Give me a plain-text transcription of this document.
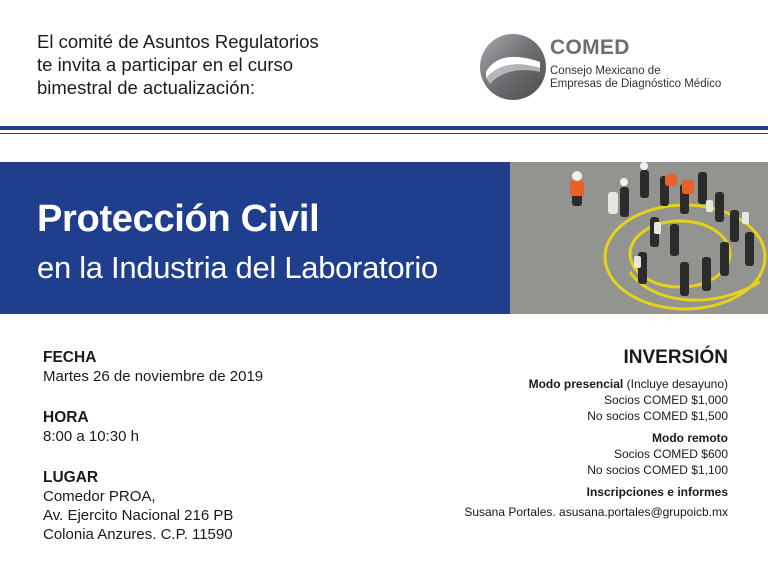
El comité de Asuntos Regulatorios
te invita a participar en el curso
bimestral de actualización:
COMED
Consejo Mexicano de
Empresas de Diagnóstico Médico
Protección Civil
en la Industria del Laboratorio
FECHA
Martes 26 de noviembre de 2019
HORA
8:00 a 10:30 h
LUGAR
Comedor PROA,
Av. Ejercito Nacional 216 PB
Colonia Anzures. C.P. 11590
INVERSIÓN
Modo presencial (Incluye desayuno)
Socios COMED $1,000
No socios COMED $1,500
Modo remoto
Socios COMED $600
No socios COMED $1,100
Inscripciones e informes
Susana Portales. asusana.portales@grupoicb.mx
